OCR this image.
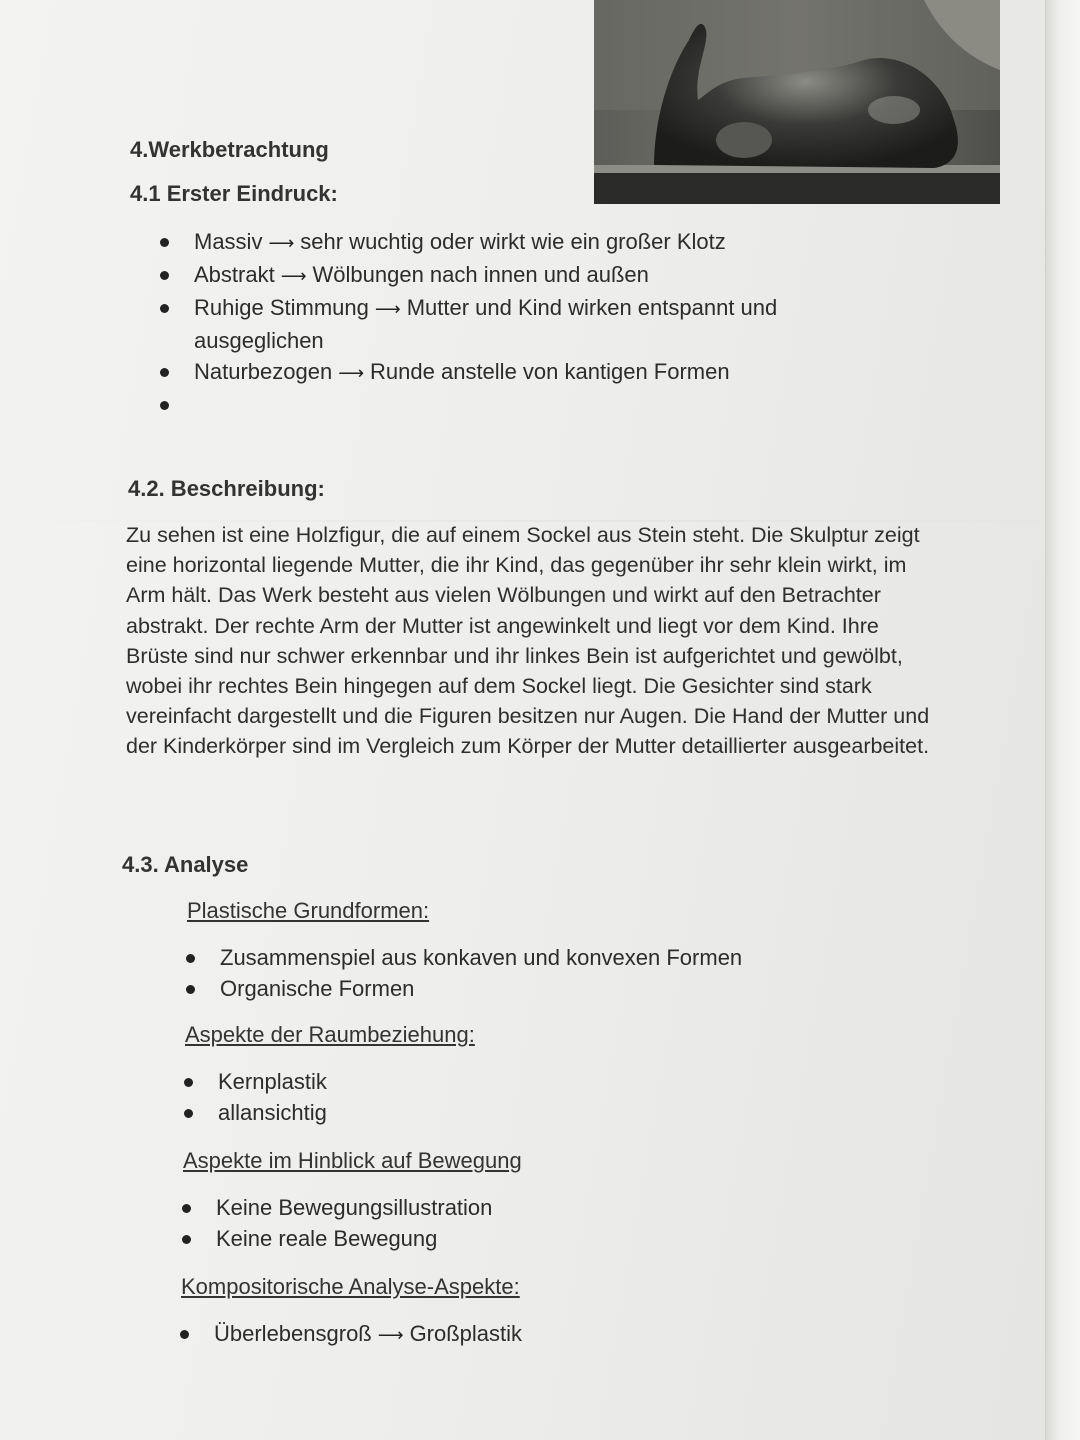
4.Werkbetrachtung
4.1 Erster Eindruck:
Massiv ⟶ sehr wuchtig oder wirkt wie ein großer Klotz
Abstrakt ⟶ Wölbungen nach innen und außen
Ruhige Stimmung ⟶ Mutter und Kind wirken entspannt und ausgeglichen
Naturbezogen ⟶ Runde anstelle von kantigen Formen

4.2. Beschreibung:

Zu sehen ist eine Holzfigur, die auf einem Sockel aus Stein steht. Die Skulptur zeigt eine horizontal liegende Mutter, die ihr Kind, das gegenüber ihr sehr klein wirkt, im Arm hält. Das Werk besteht aus vielen Wölbungen und wirkt auf den Betrachter abstrakt. Der rechte Arm der Mutter ist angewinkelt und liegt vor dem Kind. Ihre Brüste sind nur schwer erkennbar und ihr linkes Bein ist aufgerichtet und gewölbt, wobei ihr rechtes Bein hingegen auf dem Sockel liegt. Die Gesichter sind stark vereinfacht dargestellt und die Figuren besitzen nur Augen. Die Hand der Mutter und der Kinderkörper sind im Vergleich zum Körper der Mutter detaillierter ausgearbeitet.

4.3. Analyse

Plastische Grundformen:

Zusammenspiel aus konkaven und konvexen Formen
Organische Formen

Aspekte der Raumbeziehung:

Kernplastik
allansichtig

Aspekte im Hinblick auf Bewegung

Keine Bewegungsillustration
Keine reale Bewegung

Kompositorische Analyse-Aspekte:

Überlebensgroß ⟶ Großplastik
